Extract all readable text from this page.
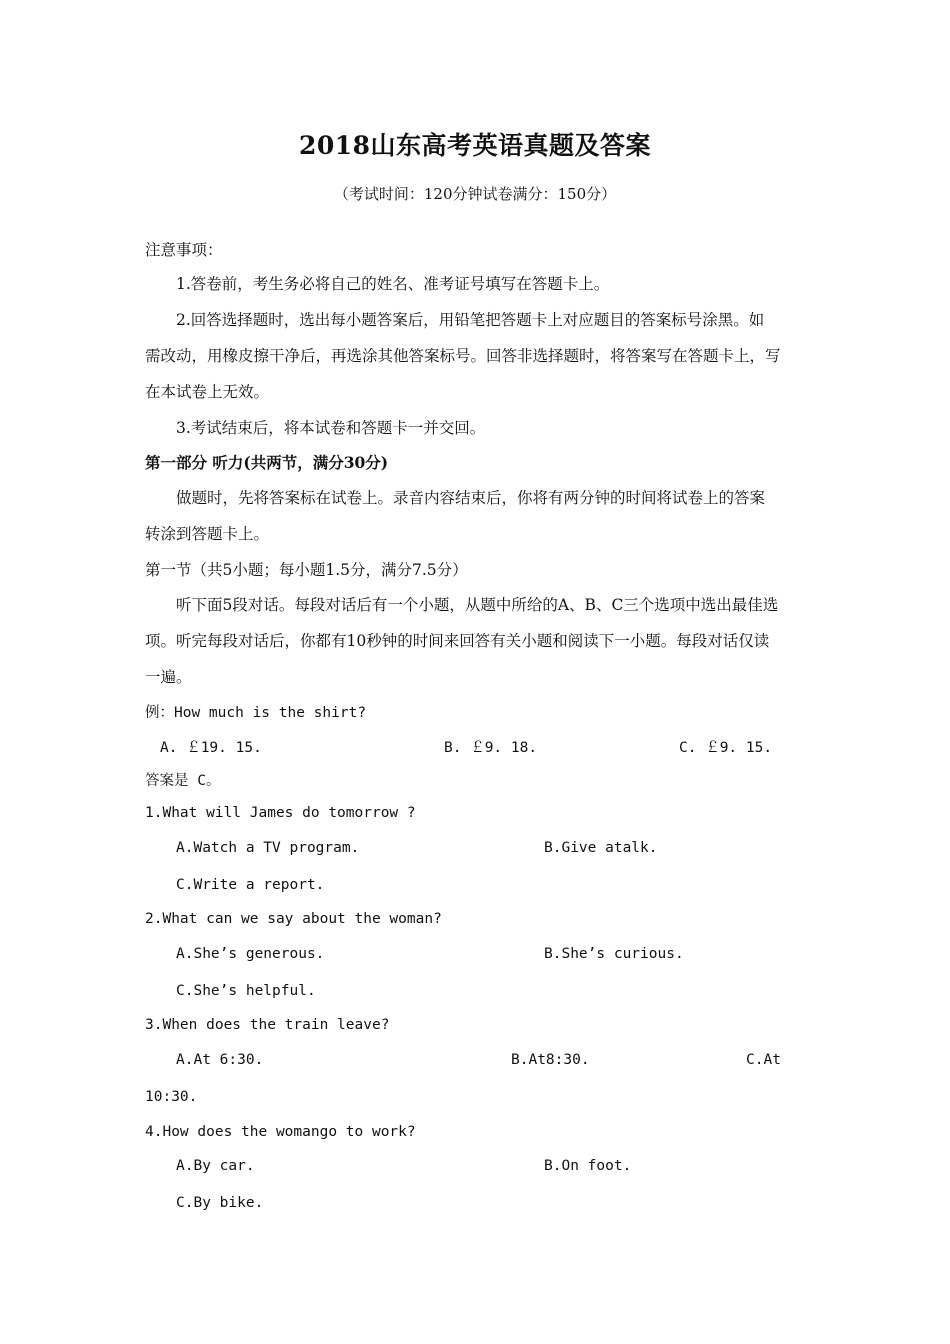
2018山东高考英语真题及答案
（考试时间：120分钟试卷满分：150分）
注意事项：
1.答卷前，考生务必将自己的姓名、准考证号填写在答题卡上。
2.回答选择题时，选出每小题答案后，用铅笔把答题卡上对应题目的答案标号涂黑。如
需改动，用橡皮擦干净后，再选涂其他答案标号。回答非选择题时，将答案写在答题卡上，写
在本试卷上无效。
3.考试结束后，将本试卷和答题卡一并交回。
第一部分 听力(共两节，满分30分)
做题时，先将答案标在试卷上。录音内容结束后，你将有两分钟的时间将试卷上的答案
转涂到答题卡上。
第一节（共5小题；每小题1.5分，满分7.5分）
听下面5段对话。每段对话后有一个小题，从题中所给的A、B、C三个选项中选出最佳选
项。听完每段对话后，你都有10秒钟的时间来回答有关小题和阅读下一小题。每段对话仅读
一遍。
例：How much is the shirt?
A. ￡19. 15.	B. ￡9. 18.	C. ￡9. 15.
答案是 C。
1.What will James do tomorrow ?
A.Watch a TV program.	B.Give atalk.
C.Write a report.
2.What can we say about the woman?
A.She’s generous.	B.She’s curious.
C.She’s helpful.
3.When does the train leave?
A.At 6:30.	B.At8:30.	C.At
10:30.
4.How does the womango to work?
A.By car.	B.On foot.
C.By bike.
